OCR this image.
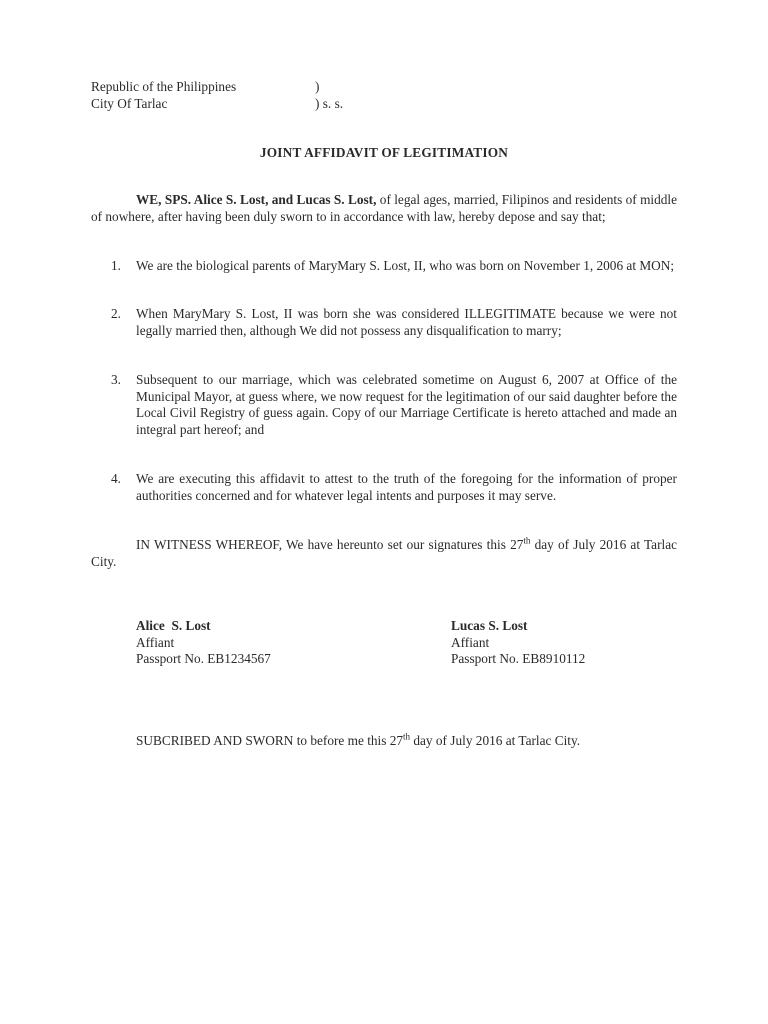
Republic of the Philippines	)
City Of Tarlac	) s. s.
JOINT AFFIDAVIT OF LEGITIMATION
WE, SPS. Alice S. Lost, and Lucas S. Lost, of legal ages, married, Filipinos and residents of middle of nowhere, after having been duly sworn to in accordance with law, hereby depose and say that;
1.	We are the biological parents of MaryMary S. Lost, II, who was born on November 1, 2006 at MON;
2.	When MaryMary S. Lost, II was born she was considered ILLEGITIMATE because we were not legally married then, although We did not possess any disqualification to marry;
3.	Subsequent to our marriage, which was celebrated sometime on August 6, 2007 at Office of the Municipal Mayor, at guess where, we now request for the legitimation of our said daughter before the Local Civil Registry of guess again. Copy of our Marriage Certificate is hereto attached and made an integral part hereof; and
4.	We are executing this affidavit to attest to the truth of the foregoing for the information of proper authorities concerned and for whatever legal intents and purposes it may serve.
IN WITNESS WHEREOF, We have hereunto set our signatures this 27th day of July 2016 at Tarlac City.
Alice  S. Lost
Affiant
Passport No. EB1234567
Lucas S. Lost
Affiant
Passport No. EB8910112
SUBCRIBED AND SWORN to before me this 27th day of July 2016 at Tarlac City.
